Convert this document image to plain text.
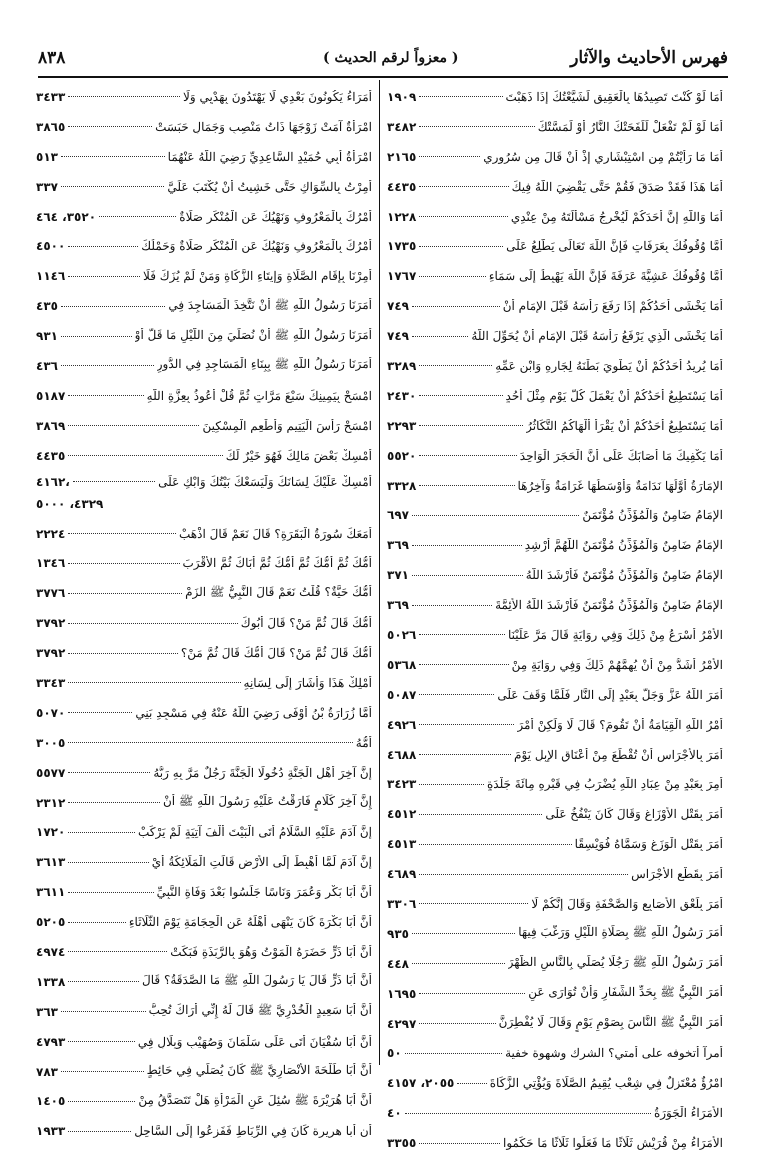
فهرس الأحاديث والآثار
( معزواً لرقم الحديث )
٨٣٨
أَمَا لَوْ كُنْتَ تَصِيدُهَا بِالْعَقِيقِ لَشَيَّعْتُكَ إِذَا ذَهَبْتَ
١٩٠٩
أَمَا لَوْ لَمْ تَفْعَلْ لَلَفَحَتْكَ النَّارُ أَوْ لَمَسَّتْكَ
٣٤٨٢
أَمَا مَا رَأَيْتُمْ مِن اسْتِبْشَارِي إِذْ أَنْ قَالَ مِن سُرُورِي
٢١٦٥
أَمَا هَذَا فَقَدْ صَدَقَ فَقُمْ حَتَّى يَقْضِيَ اللَّهُ فِيكَ
٤٤٣٥
أَمَا وَاللَّهِ إِنَّ أَحَدَكُمْ لَيُخْرِجُ مَسْأَلَتَهُ مِنْ عِنْدِي
١٢٢٨
أَمَّا وُقُوفُكَ بِعَرَفَاتٍ فَإِنَّ اللَّهَ تَعَالَى يَطَّلِعُ عَلَى
١٧٣٥
أَمَّا وُقُوفُكَ عَشِيَّةَ عَرَفَةَ فَإِنَّ اللَّهَ يَهْبِطُ إِلَى سَمَاءِ
١٧٦٧
أَمَا يَخْشَى أَحَدُكُمْ إِذَا رَفَعَ رَأْسَهُ قَبْلَ الإِمَامِ أَنْ
٧٤٩
أَمَا يَخْشَى الَّذِي يَرْفَعُ رَأْسَهُ قَبْلَ الإِمَامِ أَنْ يُحَوِّلَ اللَّهُ
٧٤٩
أَمَا يُرِيدُ أَحَدُكُمْ أَنْ يَطْوِيَ بَطْنَهُ لِجَارِهِ وَابْنِ عَمِّهِ
٣٢٨٩
أَمَا يَسْتَطِيعُ أَحَدُكُمْ أَنْ يَعْمَلَ كُلَّ يَوْمٍ مِثْلَ أُحُدٍ
٢٤٣٠
أَمَا يَسْتَطِيعُ أَحَدُكُمْ أَنْ يَقْرَأَ أَلْهَاكُمُ التَّكَاثُرُ
٢٢٩٣
أَمَا يَكْفِيكَ مَا أَصَابَكَ عَلَى أَنَّ الْحَجَرَ الْوَاحِدَ
٥٥٢٠
الإِمَارَةُ أَوَّلُهَا نَدَامَةٌ وَأَوْسَطُهَا غَرَامَةٌ وَآخِرُهَا
٣٣٢٨
الإِمَامُ ضَامِنٌ وَالْمُؤَذِّنُ مُؤْتَمَنٌ
٦٩٧
الإِمَامُ ضَامِنٌ وَالْمُؤَذِّنُ مُؤْتَمَنٌ اللَّهُمَّ أَرْشِدِ
٣٦٩
الإِمَامُ ضَامِنٌ وَالْمُؤَذِّنُ مُؤْتَمَنٌ فَأَرْشَدَ اللَّهُ
٣٧١
الإِمَامُ ضَامِنٌ وَالْمُؤَذِّنُ مُؤْتَمَنٌ فَأَرْشَدَ اللَّهُ الأَئِمَّةَ
٣٦٩
الأَمْرُ أَسْرَعُ مِنْ ذَلِكَ وَفِي رِوَايَةٍ قَالَ مَرَّ عَلَيْنَا
٥٠٢٦
الأَمْرُ أَشَدُّ مِنْ أَنْ يُهِمَّهُمْ ذَلِكَ وَفِي رِوَايَةٍ مِنْ
٥٣٦٨
أَمَرَ اللَّهُ عَزَّ وَجَلَّ بِعَبْدٍ إِلَى النَّارِ فَلَمَّا وَقَفَ عَلَى
٥٠٨٧
أَمْرُ اللَّهِ الْقِيَامَةُ أَنْ تَقُومَ؟ قَالَ لَا وَلَكِنْ أَمْرَ
٤٩٢٦
أَمَرَ بِالأَجْرَاسِ أَنْ تُقْطَعَ مِنْ أَعْنَاقِ الإِبِلِ يَوْمَ
٤٦٨٨
أُمِرَ بِعَبْدٍ مِنْ عِبَادِ اللَّهِ يُضْرَبُ فِي قَبْرِهِ مِائَةَ جَلْدَةٍ
٣٤٢٣
أَمَرَ بِقَتْلِ الأَوْزَاغِ وَقَالَ كَانَ يَنْفُخُ عَلَى
٤٥١٢
أَمَرَ بِقَتْلِ الْوَزَغِ وَسَمَّاهُ فُوَيْسِقًا
٤٥١٣
أَمَرَ بِقَطْعِ الأَجْرَاسِ
٤٦٨٩
أَمَرَ بِلَعْقِ الأَصَابِعِ وَالصَّحْفَةِ وَقَالَ إِنَّكُمْ لَا
٣٣٠٦
أَمَرَ رَسُولُ اللَّهِ ﷺ بِصَلَاةِ اللَّيْلِ وَرَغَّبَ فِيهَا
٩٣٥
أَمَرَ رَسُولُ اللَّهِ ﷺ رَجُلًا يُصَلِّي بِالنَّاسِ الظُّهْرَ
٤٤٨
أَمَرَ النَّبِيُّ ﷺ بِحَدِّ الشِّفَارِ وَأَنْ تُوَارَى عَنِ
١٦٩٥
أَمَرَ النَّبِيُّ ﷺ النَّاسَ بِصَوْمِ يَوْمٍ وَقَالَ لَا يُفْطِرَنَّ
٤٢٩٧
أمرآ أتخوفه على أمتي؟ الشرك وشهوة خفية
٥٠
امْرُؤٌ مُعْتَزِلٌ فِي شِعْبٍ يُقِيمُ الصَّلَاةَ وَيُؤْتِي الزَّكَاةَ
٢٠٥٥، ٤١٥٧
الأُمَرَاءُ الْجَوَرَةُ
٤٠
الأُمَرَاءُ مِنْ قُرَيْشٍ ثَلَاثًا مَا فَعَلُوا ثَلَاثًا مَا حَكَمُوا
٣٣٥٥
أُمَرَاءُ يَكُونُونَ بَعْدِي لَا يَهْتَدُونَ بِهَدْيِي وَلَا
٣٤٣٣
امْرَأَةٌ آمَتْ زَوْجَهَا ذَاتُ مَنْصِبٍ وَجَمَالٍ حَبَسَتْ
٣٨٦٥
امْرَأَةُ أَبِي حُمَيْدٍ السَّاعِدِيِّ رَضِيَ اللَّهُ عَنْهُمَا
٥١٣
أُمِرْتُ بِالسِّوَاكِ حَتَّى خَشِيتُ أَنْ يُكْتَبَ عَلَيَّ
٣٣٧
أَمْرُكَ بِالْمَعْرُوفِ وَنَهْيُكَ عَنِ الْمُنْكَرِ صَلَاةٌ
٣٥٢٠، ٤٦٤
أَمْرُكَ بِالْمَعْرُوفِ وَنَهْيُكَ عَنِ الْمُنْكَرِ صَلَاةٌ وَحَمْلُكَ
٤٥٠٠
أُمِرْنَا بِإِقَامِ الصَّلَاةِ وَإِيتَاءِ الزَّكَاةِ وَمَنْ لَمْ يُزَكِّ فَلَا
١١٤٦
أَمَرَنَا رَسُولُ اللَّهِ ﷺ أَنْ نَتَّخِذَ الْمَسَاجِدَ فِي
٤٣٥
أَمَرَنَا رَسُولُ اللَّهِ ﷺ أَنْ نُصَلِّيَ مِنَ اللَّيْلِ مَا قَلَّ أَوْ
٩٣١
أَمَرَنَا رَسُولُ اللَّهِ ﷺ بِبِنَاءِ الْمَسَاجِدِ فِي الدُّورِ
٤٣٦
امْسَحْ بِيَمِينِكَ سَبْعَ مَرَّاتٍ ثُمَّ قُلْ أَعُوذُ بِعِزَّةِ اللَّهِ
٥١٨٧
امْسَحْ رَأْسَ الْيَتِيمِ وَأَطْعِمِ الْمِسْكِينَ
٣٨٦٩
أَمْسِكْ بَعْضَ مَالِكَ فَهُوَ خَيْرٌ لَكَ
٤٤٣٥
أَمْسِكْ عَلَيْكَ لِسَانَكَ وَلْيَسَعْكَ بَيْتُكَ وَابْكِ عَلَى
٤١٦٢،
٤٣٢٩، ٥٠٠٠
أَمَعَكَ سُورَةُ الْبَقَرَةِ؟ قَالَ نَعَمْ قَالَ اذْهَبْ
٢٢٢٤
أُمُّكَ ثُمَّ أُمُّكَ ثُمَّ أُمُّكَ ثُمَّ أَبَاكَ ثُمَّ الأَقْرَبَ
١٣٤٦
أُمُّكَ حَيَّةٌ؟ قُلْتُ نَعَمْ قَالَ النَّبِيُّ ﷺ الزَمْ
٣٧٧٦
أُمُّكَ قَالَ ثُمَّ مَنْ؟ قَالَ أَبُوكَ
٣٧٩٢
أُمُّكَ قَالَ ثُمَّ مَنْ؟ قَالَ أُمُّكَ قَالَ ثُمَّ مَنْ؟
٣٧٩٢
أَمْلِكْ هَذَا وَأَشَارَ إِلَى لِسَانِهِ
٣٣٤٣
أَمَّا زُرَارَةُ بْنُ أَوْفَى رَضِيَ اللَّهُ عَنْهُ فِي مَسْجِدِ بَنِي
٥٠٧٠
أُمُّهُ
٣٠٠٥
إِنَّ آخِرَ أَهْلِ الْجَنَّةِ دُخُولًا الْجَنَّةَ رَجُلٌ مَرَّ بِهِ رَبُّهُ
٥٥٧٧
إِنَّ آخِرَ كَلَامٍ فَارَقْتُ عَلَيْهِ رَسُولَ اللَّهِ ﷺ أَنْ
٢٣١٢
إِنَّ آدَمَ عَلَيْهِ السَّلَامُ أَتَى الْبَيْتَ أَلْفَ آتِيَةٍ لَمْ يَرْكَبْ
١٧٢٠
إِنَّ آدَمَ لَمَّا أُهْبِطَ إِلَى الأَرْضِ قَالَتِ الْمَلَائِكَةُ أَيْ
٣٦١٣
أَنَّ أَبَا بَكْرٍ وَعُمَرَ وَنَاسًا جَلَسُوا بَعْدَ وَفَاةِ النَّبِيِّ
٣٦١١
أَنَّ أَبَا بَكْرَةَ كَانَ يَنْهَى أَهْلَهُ عَنِ الْحِجَامَةِ يَوْمَ الثُّلَاثَاءِ
٥٢٠٥
أَنَّ أَبَا ذَرٍّ حَضَرَهُ الْمَوْتُ وَهُوَ بِالرَّبَذَةِ فَبَكَتْ
٤٩٧٤
أَنَّ أَبَا ذَرٍّ قَالَ يَا رَسُولَ اللَّهِ ﷺ مَا الصَّدَقَةُ؟ قَالَ
١٣٣٨
أَنَّ أَبَا سَعِيدٍ الْخُدْرِيَّ ﷺ قَالَ لَهُ إِنِّي أَرَاكَ تُحِبُّ
٣٦٣
أَنَّ أَبَا سُفْيَانَ أَتَى عَلَى سَلْمَانَ وَصُهَيْبٍ وَبِلَالٍ فِي
٤٧٩٣
أَنَّ أَبَا طَلْحَةَ الأَنْصَارِيَّ ﷺ كَانَ يُصَلِّي فِي حَائِطٍ
٧٨٣
أَنَّ أَبَا هُرَيْرَةَ ﷺ سُئِلَ عَنِ الْمَرْأَةِ هَلْ تَتَصَدَّقُ مِنْ
١٤٠٥
أن أبا هريرة كَانَ فِي الرِّبَاطِ فَفَزِعُوا إِلَى السَّاحِلِ
١٩٣٣
